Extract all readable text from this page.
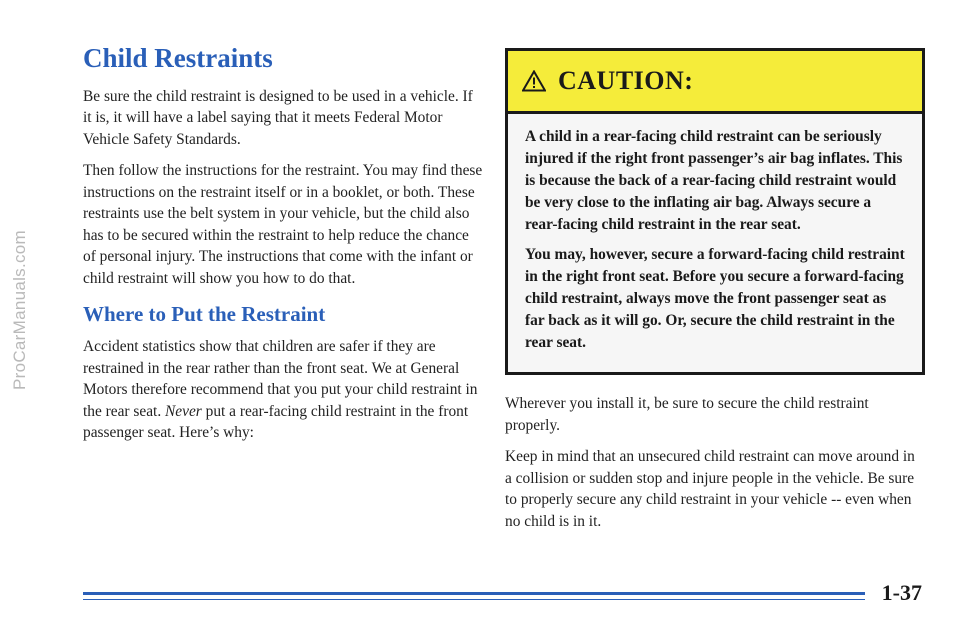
ProCarManuals.com
Child Restraints

Be sure the child restraint is designed to be used in a vehicle. If it is, it will have a label saying that it meets Federal Motor Vehicle Safety Standards.

Then follow the instructions for the restraint. You may find these instructions on the restraint itself or in a booklet, or both. These restraints use the belt system in your vehicle, but the child also has to be secured within the restraint to help reduce the chance of personal injury. The instructions that come with the infant or child restraint will show you how to do that.

Where to Put the Restraint

Accident statistics show that children are safer if they are restrained in the rear rather than the front seat. We at General Motors therefore recommend that you put your child restraint in the rear seat. Never put a rear-facing child restraint in the front passenger seat. Here’s why:

CAUTION:

A child in a rear-facing child restraint can be seriously injured if the right front passenger’s air bag inflates. This is because the back of a rear-facing child restraint would be very close to the inflating air bag. Always secure a rear-facing child restraint in the rear seat.

You may, however, secure a forward-facing child restraint in the right front seat. Before you secure a forward-facing child restraint, always move the front passenger seat as far back as it will go. Or, secure the child restraint in the rear seat.

Wherever you install it, be sure to secure the child restraint properly.

Keep in mind that an unsecured child restraint can move around in a collision or sudden stop and injure people in the vehicle. Be sure to properly secure any child restraint in your vehicle -- even when no child is in it.

1-37
